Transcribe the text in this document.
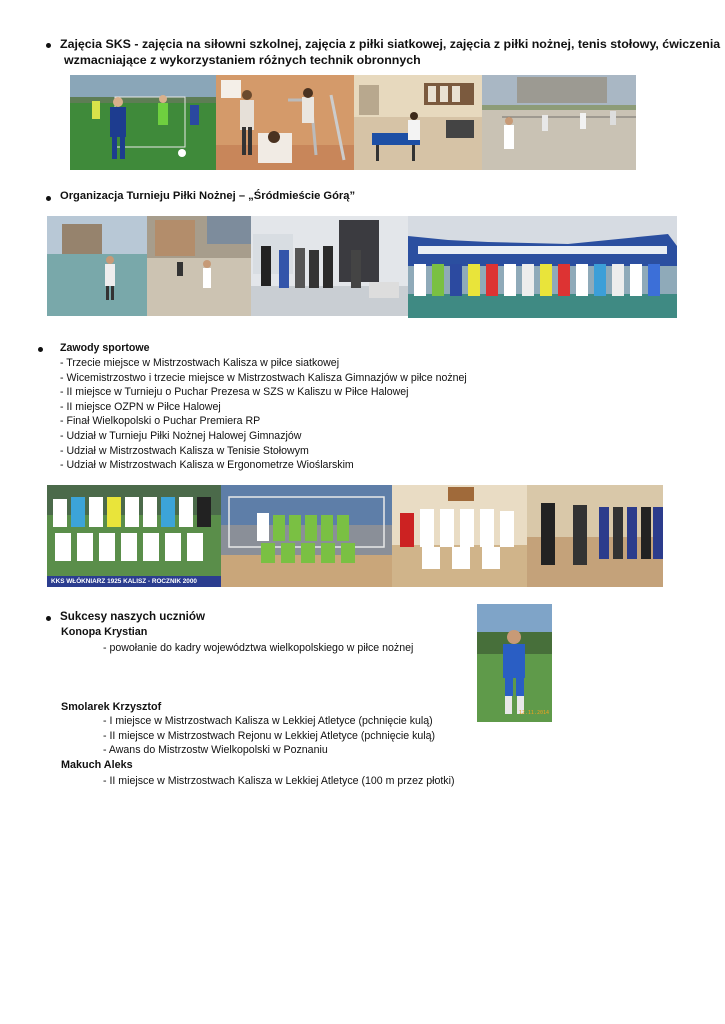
Zajęcia SKS - zajęcia na siłowni szkolnej, zajęcia z piłki siatkowej, zajęcia z piłki nożnej, tenis stołowy, ćwiczenia
wzmacniające z wykorzystaniem różnych technik obronnych
Organizacja Turnieju Piłki Nożnej – „Śródmieście Górą”
Zawody sportowe
- Trzecie miejsce w Mistrzostwach Kalisza w piłce siatkowej
- Wicemistrzostwo i trzecie miejsce w Mistrzostwach Kalisza Gimnazjów w piłce nożnej
- II miejsce w Turnieju o Puchar Prezesa w SZS w Kaliszu w Piłce Halowej
- II miejsce OZPN w Piłce Halowej
- Finał Wielkopolski o Puchar Premiera RP
- Udział w Turnieju Piłki Nożnej Halowej Gimnazjów
- Udział w Mistrzostwach Kalisza w Tenisie Stołowym
- Udział w Mistrzostwach Kalisza w Ergonometrze Wioślarskim
KKS WŁÓKNIARZ 1925 KALISZ - ROCZNIK 2000
Sukcesy naszych uczniów
Konopa Krystian
- powołanie do kadry województwa wielkopolskiego w piłce nożnej
Smolarek Krzysztof
- I miejsce w Mistrzostwach Kalisza w Lekkiej Atletyce (pchnięcie kulą)
- II miejsce w Mistrzostwach Rejonu w Lekkiej Atletyce (pchnięcie kulą)
- Awans do Mistrzostw Wielkopolski w Poznaniu
Makuch Aleks
- II miejsce w Mistrzostwach Kalisza w Lekkiej Atletyce (100 m przez płotki)
12.11.2014
